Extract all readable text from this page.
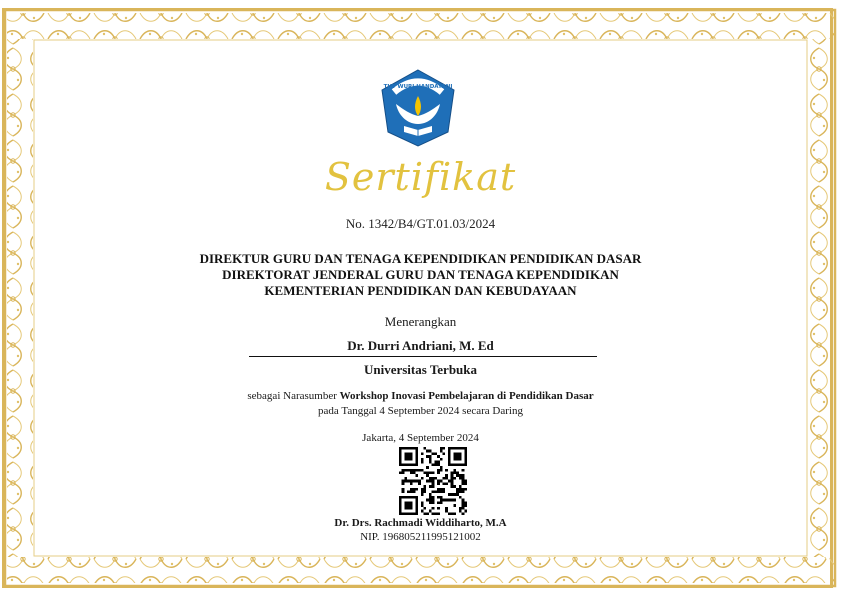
TUT WURI HANDAYANI
Sertifikat
No. 1342/B4/GT.01.03/2024
DIREKTUR GURU DAN TENAGA KEPENDIDIKAN PENDIDIKAN DASAR
DIREKTORAT JENDERAL GURU DAN TENAGA KEPENDIDIKAN
KEMENTERIAN PENDIDIKAN DAN KEBUDAYAAN
Menerangkan
Dr. Durri Andriani, M. Ed
Universitas Terbuka
sebagai Narasumber Workshop Inovasi Pembelajaran di Pendidikan Dasar
pada Tanggal 4 September 2024 secara Daring
Jakarta, 4 September 2024
Dr. Drs. Rachmadi Widdiharto, M.A
NIP. 196805211995121002
